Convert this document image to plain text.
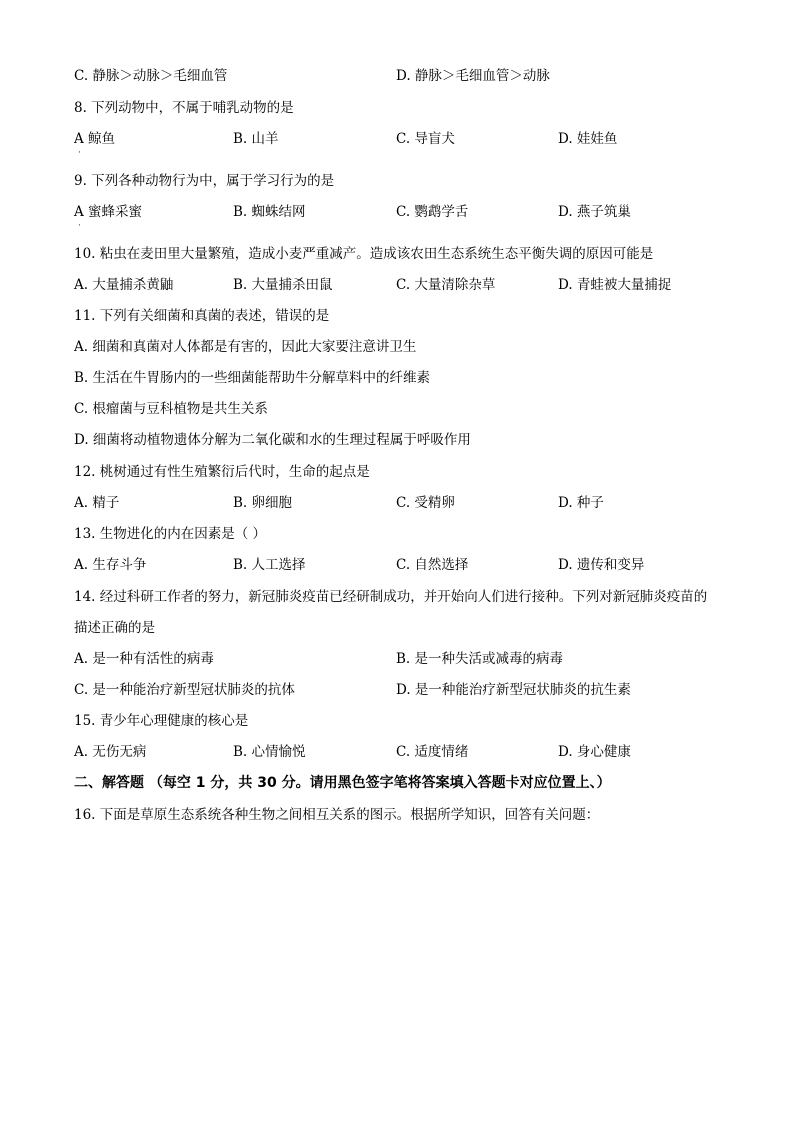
C. 静脉＞动脉＞毛细血管	D. 静脉＞毛细血管＞动脉
8. 下列动物中，不属于哺乳动物的是
A 鲸鱼	B. 山羊	C. 导盲犬	D. 娃娃鱼
·
9. 下列各种动物行为中，属于学习行为的是
A 蜜蜂采蜜	B. 蜘蛛结网	C. 鹦鹉学舌	D. 燕子筑巢
·
10. 粘虫在麦田里大量繁殖，造成小麦严重减产。造成该农田生态系统生态平衡失调的原因可能是
A. 大量捕杀黄鼬	B. 大量捕杀田鼠	C. 大量清除杂草	D. 青蛙被大量捕捉
11. 下列有关细菌和真菌的表述，错误的是
A. 细菌和真菌对人体都是有害的，因此大家要注意讲卫生
B. 生活在牛胃肠内的一些细菌能帮助牛分解草料中的纤维素
C. 根瘤菌与豆科植物是共生关系
D. 细菌将动植物遗体分解为二氧化碳和水的生理过程属于呼吸作用
12. 桃树通过有性生殖繁衍后代时，生命的起点是
A. 精子	B. 卵细胞	C. 受精卵	D. 种子
13. 生物进化的内在因素是（ ）
A. 生存斗争	B. 人工选择	C. 自然选择	D. 遗传和变异
14. 经过科研工作者的努力，新冠肺炎疫苗已经研制成功，并开始向人们进行接种。下列对新冠肺炎疫苗的
描述正确的是
A. 是一种有活性的病毒	B. 是一种失活或减毒的病毒
C. 是一种能治疗新型冠状肺炎的抗体	D. 是一种能治疗新型冠状肺炎的抗生素
15. 青少年心理健康的核心是
A. 无伤无病	B. 心情愉悦	C. 适度情绪	D. 身心健康
二、解答题 （每空 1 分，共 30 分。请用黑色签字笔将答案填入答题卡对应位置上、）
16. 下面是草原生态系统各种生物之间相互关系的图示。根据所学知识，回答有关问题：
